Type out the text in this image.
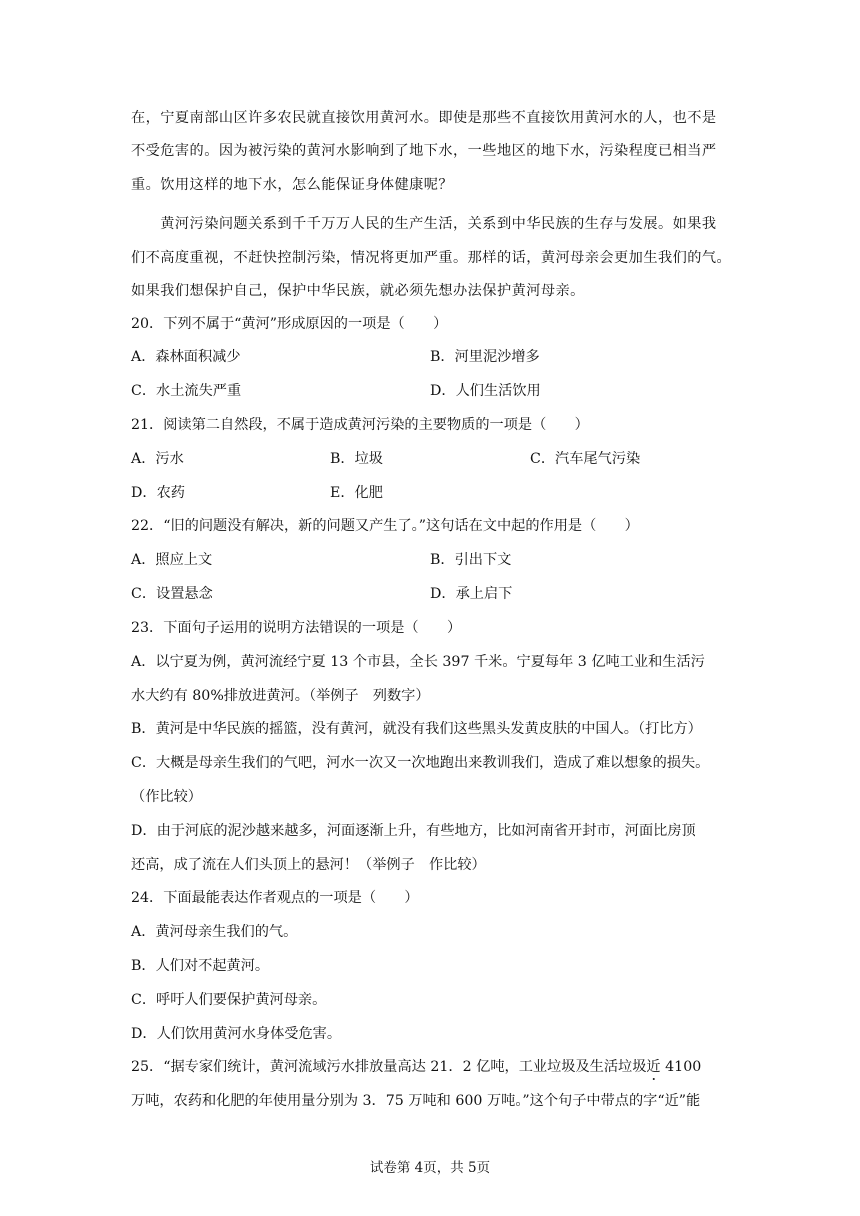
在，宁夏南部山区许多农民就直接饮用黄河水。即使是那些不直接饮用黄河水的人，也不是
不受危害的。因为被污染的黄河水影响到了地下水，一些地区的地下水，污染程度已相当严
重。饮用这样的地下水，怎么能保证身体健康呢？
　　黄河污染问题关系到千千万万人民的生产生活，关系到中华民族的生存与发展。如果我
们不高度重视，不赶快控制污染，情况将更加严重。那样的话，黄河母亲会更加生我们的气。
如果我们想保护自己，保护中华民族，就必须先想办法保护黄河母亲。
20．下列不属于“黄河”形成原因的一项是（　　）
A．森林面积减少	B．河里泥沙增多
C．水土流失严重	D．人们生活饮用
21．阅读第二自然段，不属于造成黄河污染的主要物质的一项是（　　）
A．污水	B．垃圾	C．汽车尾气污染
D．农药	E．化肥
22．“旧的问题没有解决，新的问题又产生了。”这句话在文中起的作用是（　　）
A．照应上文	B．引出下文
C．设置悬念	D．承上启下
23．下面句子运用的说明方法错误的一项是（　　）
A．以宁夏为例，黄河流经宁夏 13 个市县，全长 397 千米。宁夏每年 3 亿吨工业和生活污
水大约有 80%排放进黄河。（举例子　列数字）
B．黄河是中华民族的摇篮，没有黄河，就没有我们这些黑头发黄皮肤的中国人。（打比方）
C．大概是母亲生我们的气吧，河水一次又一次地跑出来教训我们，造成了难以想象的损失。
（作比较）
D．由于河底的泥沙越来越多，河面逐渐上升，有些地方，比如河南省开封市，河面比房顶
还高，成了流在人们头顶上的悬河！（举例子　作比较）
24．下面最能表达作者观点的一项是（　　）
A．黄河母亲生我们的气。
B．人们对不起黄河。
C．呼吁人们要保护黄河母亲。
D．人们饮用黄河水身体受危害。
25．“据专家们统计，黄河流域污水排放量高达 21．2 亿吨，工业垃圾及生活垃圾近 4100
万吨，农药和化肥的年使用量分别为 3．75 万吨和 600 万吨。”这个句子中带点的字“近”能
试卷第 4页，共 5页
